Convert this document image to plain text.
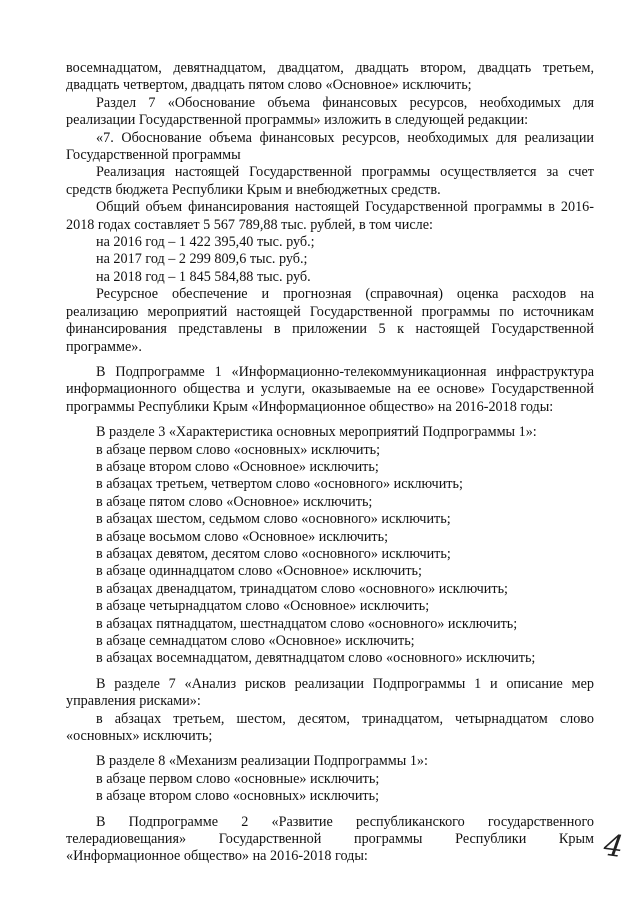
восемнадцатом, девятнадцатом, двадцатом, двадцать втором, двадцать третьем, двадцать четвертом, двадцать пятом слово «Основное» исключить;

Раздел 7 «Обоснование объема финансовых ресурсов, необходимых для реализации Государственной программы» изложить в следующей редакции:

«7. Обоснование объема финансовых ресурсов, необходимых для реализации Государственной программы

Реализация настоящей Государственной программы осуществляется за счет средств бюджета Республики Крым и внебюджетных средств.

Общий объем финансирования настоящей Государственной программы в 2016-2018 годах составляет 5 567 789,88 тыс. рублей, в том числе:

на 2016 год – 1 422 395,40 тыс. руб.;

на 2017 год – 2 299 809,6 тыс. руб.;

на 2018 год – 1 845 584,88 тыс. руб.

Ресурсное обеспечение и прогнозная (справочная) оценка расходов на реализацию мероприятий настоящей Государственной программы по источникам финансирования представлены в приложении 5 к настоящей Государственной программе».

В Подпрограмме 1 «Информационно-телекоммуникационная инфраструктура информационного общества и услуги, оказываемые на ее основе» Государственной программы Республики Крым «Информационное общество» на 2016-2018 годы:

В разделе 3 «Характеристика основных мероприятий Подпрограммы 1»:

в абзаце первом слово «основных» исключить;

в абзаце втором слово «Основное» исключить;

в абзацах третьем, четвертом слово «основного» исключить;

в абзаце пятом слово «Основное» исключить;

в абзацах шестом, седьмом слово «основного» исключить;

в абзаце восьмом слово «Основное» исключить;

в абзацах девятом, десятом слово «основного» исключить;

в абзаце одиннадцатом слово «Основное» исключить;

в абзацах двенадцатом, тринадцатом слово «основного» исключить;

в абзаце четырнадцатом слово «Основное» исключить;

в абзацах пятнадцатом, шестнадцатом слово «основного» исключить;

в абзаце семнадцатом слово «Основное» исключить;

в абзацах восемнадцатом, девятнадцатом слово «основного» исключить;

В разделе 7 «Анализ рисков реализации Подпрограммы 1 и описание мер управления рисками»:

в абзацах третьем, шестом, десятом, тринадцатом, четырнадцатом слово «основных» исключить;

В разделе 8 «Механизм реализации Подпрограммы 1»:

в абзаце первом слово «основные» исключить;

в абзаце втором слово «основных» исключить;

В Подпрограмме 2 «Развитие республиканского государственного телерадиовещания» Государственной программы Республики Крым «Информационное общество» на 2016-2018 годы:	4
